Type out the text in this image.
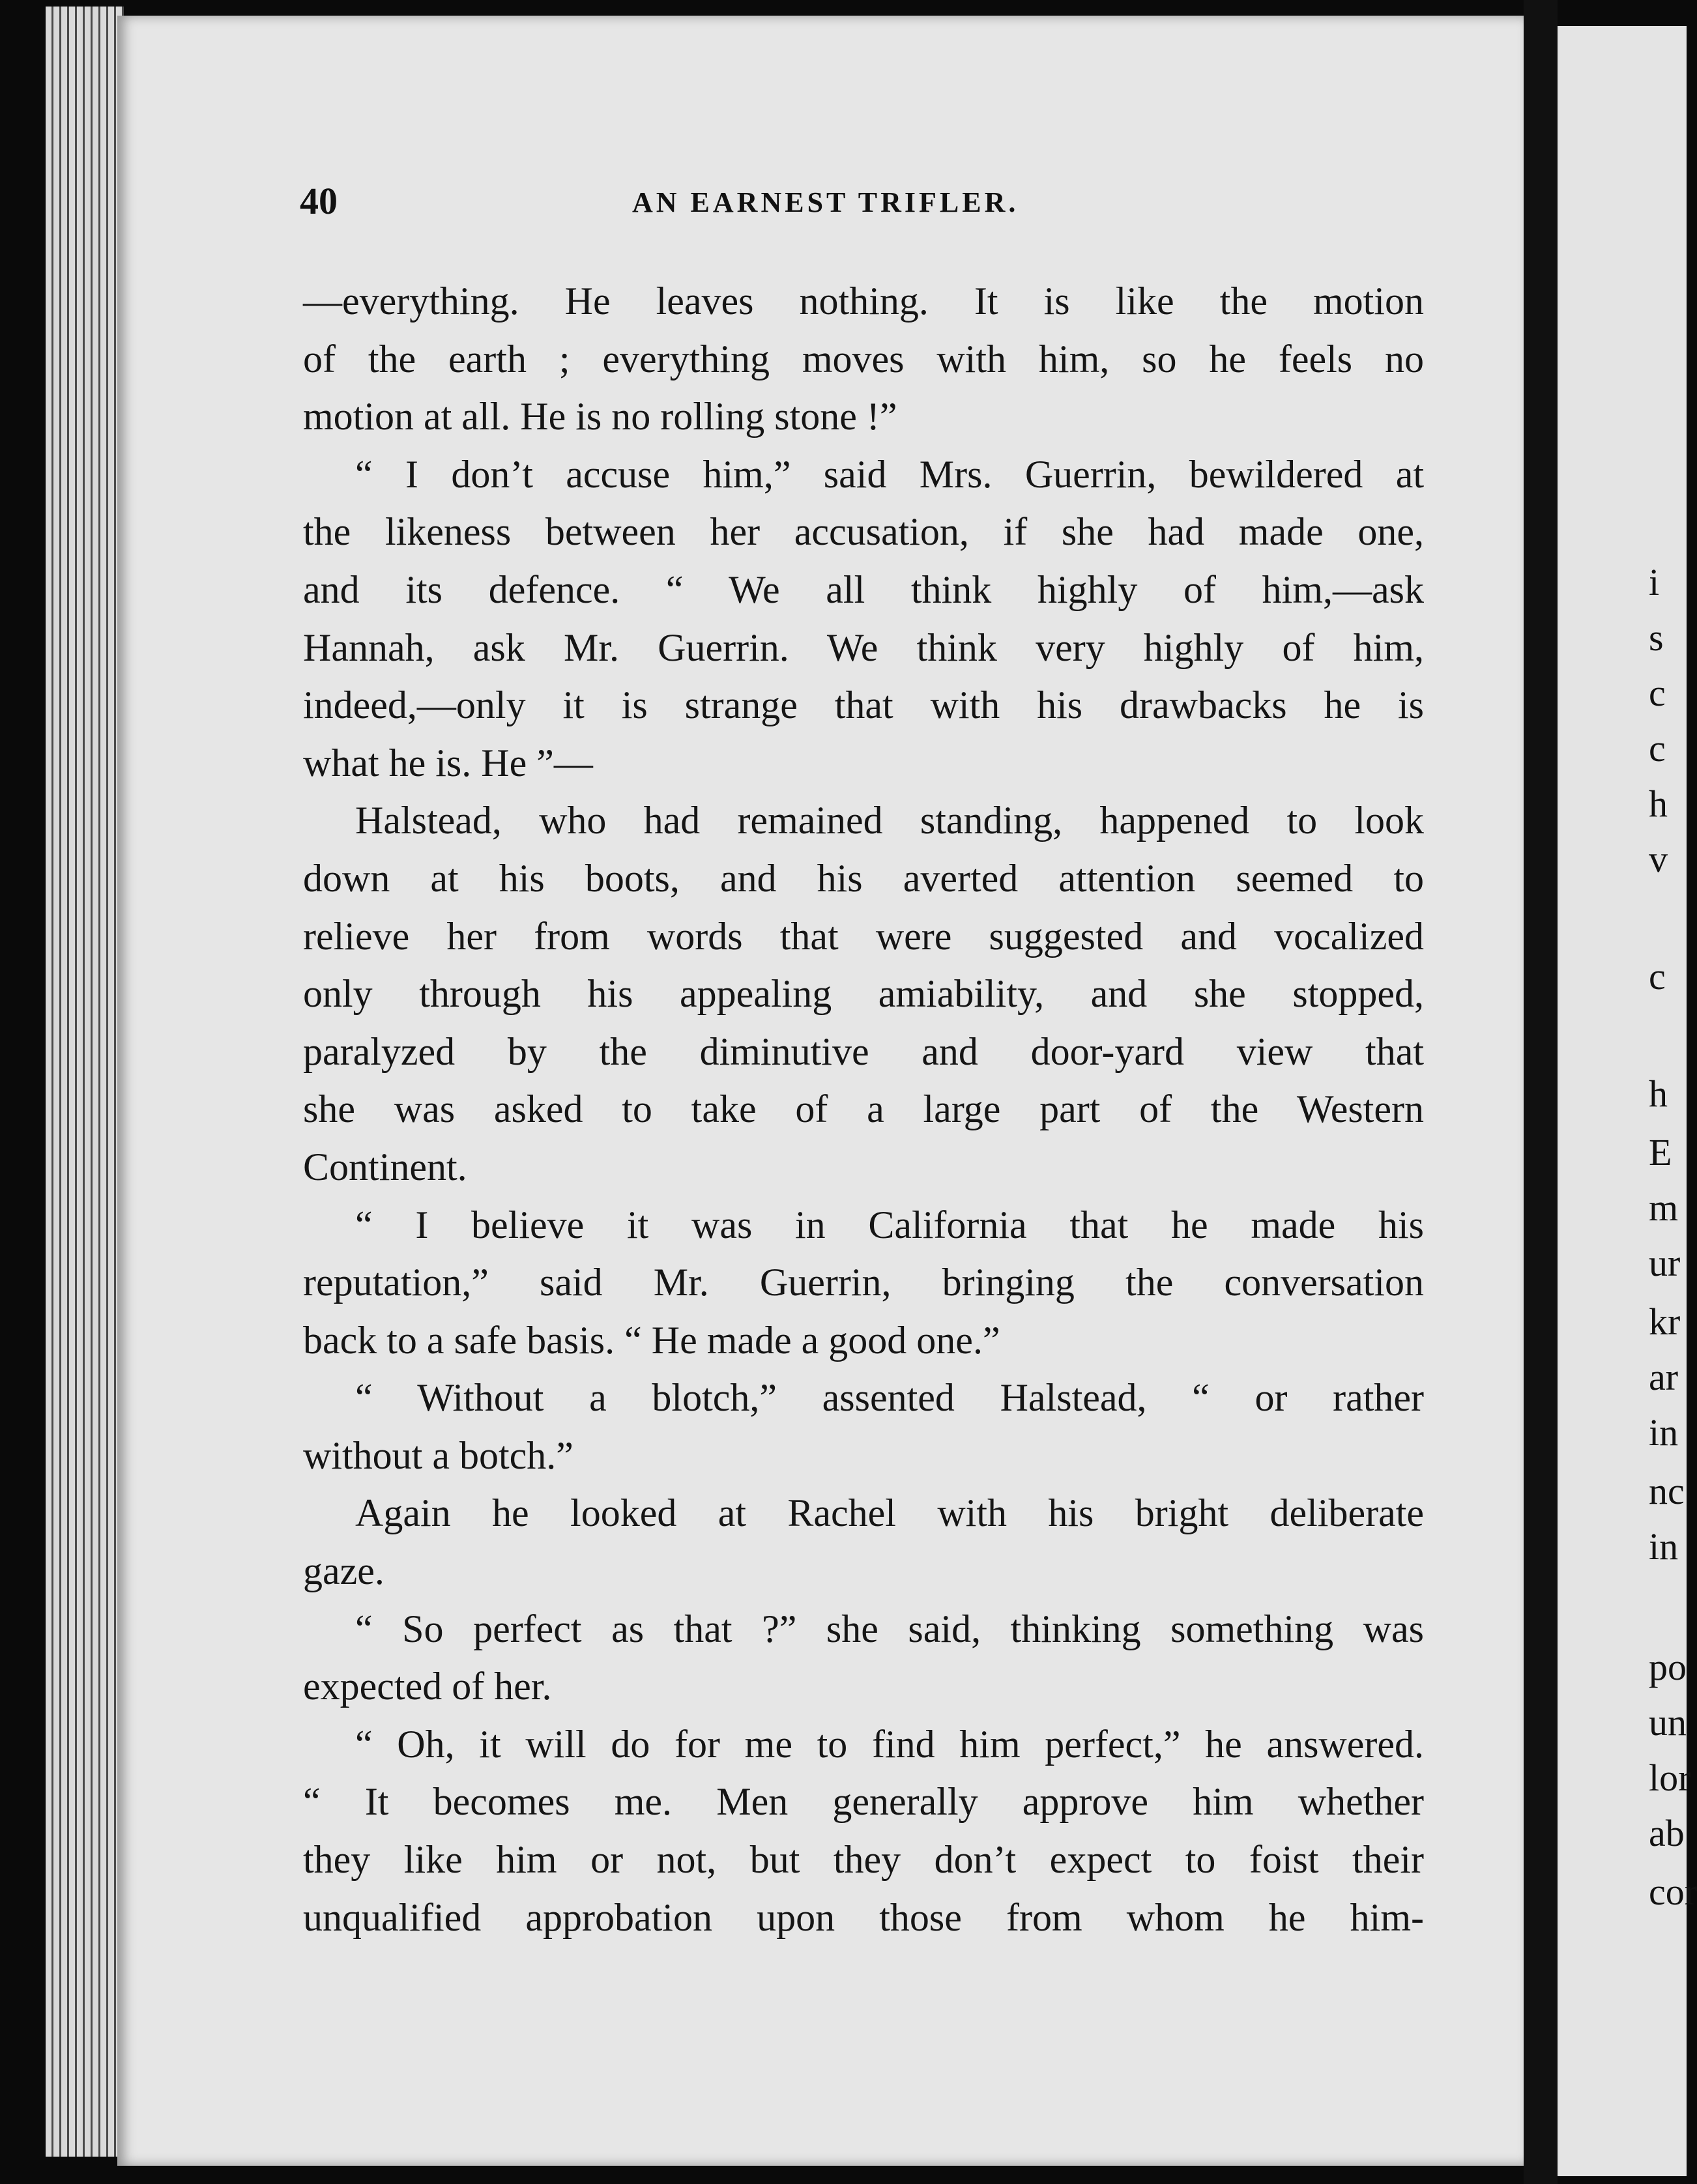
40	AN EARNEST TRIFLER.
—everything. He leaves nothing. It is like the motion
of the earth ; everything moves with him, so he feels no
motion at all. He is no rolling stone !”
“ I don’t accuse him,” said Mrs. Guerrin, bewildered at
the likeness between her accusation, if she had made one,
and its defence. “ We all think highly of him,—ask
Hannah, ask Mr. Guerrin. We think very highly of him,
indeed,—only it is strange that with his drawbacks he is
what he is. He ”—
Halstead, who had remained standing, happened to look
down at his boots, and his averted attention seemed to
relieve her from words that were suggested and vocalized
only through his appealing amiability, and she stopped,
paralyzed by the diminutive and door-yard view that
she was asked to take of a large part of the Western
Continent.
“ I believe it was in California that he made his
reputation,” said Mr. Guerrin, bringing the conversation
back to a safe basis. “ He made a good one.”
“ Without a blotch,” assented Halstead, “ or rather
without a botch.”
Again he looked at Rachel with his bright deliberate
gaze.
“ So perfect as that ?” she said, thinking something was
expected of her.
“ Oh, it will do for me to find him perfect,” he answered.
“ It becomes me. Men generally approve him whether
they like him or not, but they don’t expect to foist their
unqualified approbation upon those from whom he him-
i
s
c
c
h
v
c
h
E
m
ur
kr
ar
in
nc
in
po
un
lor
ab
cor
